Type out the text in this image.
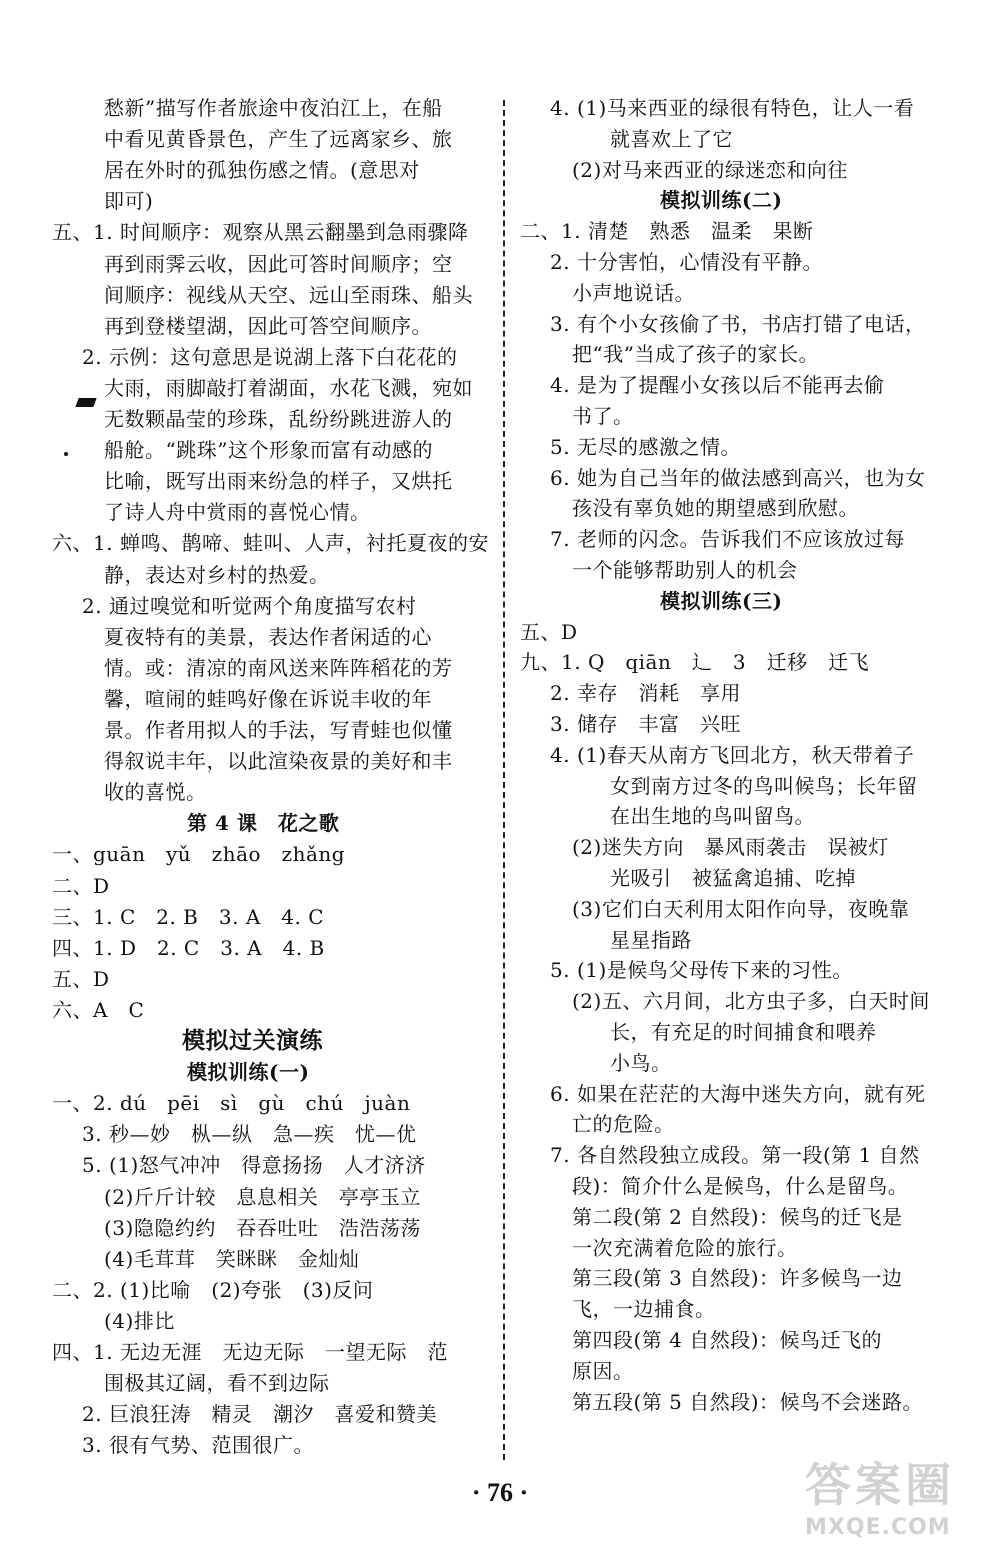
愁新”描写作者旅途中夜泊江上，在船
中看见黄昏景色，产生了远离家乡、旅
居在外时的孤独伤感之情。(意思对
即可)
五、1. 时间顺序：观察从黑云翻墨到急雨骤降
再到雨霁云收，因此可答时间顺序；空
间顺序：视线从天空、远山至雨珠、船头
再到登楼望湖，因此可答空间顺序。
2. 示例：这句意思是说湖上落下白花花的
大雨，雨脚敲打着湖面，水花飞溅，宛如
无数颗晶莹的珍珠，乱纷纷跳进游人的
船舱。“跳珠”这个形象而富有动感的
比喻，既写出雨来纷急的样子，又烘托
了诗人舟中赏雨的喜悦心情。
六、1. 蝉鸣、鹊啼、蛙叫、人声，衬托夏夜的安
静，表达对乡村的热爱。
2. 通过嗅觉和听觉两个角度描写农村
夏夜特有的美景，表达作者闲适的心
情。或：清凉的南风送来阵阵稻花的芳
馨，喧闹的蛙鸣好像在诉说丰收的年
景。作者用拟人的手法，写青蛙也似懂
得叙说丰年，以此渲染夜景的美好和丰
收的喜悦。
第 4 课　花之歌
一、guān　yǔ　zhāo　zhǎng
二、D
三、1. C　2. B　3. A　4. C
四、1. D　2. C　3. A　4. B
五、D
六、A　C
模拟过关演练
模拟训练(一)
一、2. dú　pēi　sì　gù　chú　juàn
3. 秒—妙　枞—纵　急—疾　忧—优
5. (1)怒气冲冲　得意扬扬　人才济济
(2)斤斤计较　息息相关　亭亭玉立
(3)隐隐约约　吞吞吐吐　浩浩荡荡
(4)毛茸茸　笑眯眯　金灿灿
二、2. (1)比喻　(2)夸张　(3)反问
(4)排比
四、1. 无边无涯　无边无际　一望无际　范
围极其辽阔，看不到边际
2. 巨浪狂涛　精灵　潮汐　喜爱和赞美
3. 很有气势、范围很广。
4. (1)马来西亚的绿很有特色，让人一看
就喜欢上了它
(2)对马来西亚的绿迷恋和向往
模拟训练(二)
二、1. 清楚　熟悉　温柔　果断
2. 十分害怕，心情没有平静。
小声地说话。
3. 有个小女孩偷了书，书店打错了电话，
把“我”当成了孩子的家长。
4. 是为了提醒小女孩以后不能再去偷
书了。
5. 无尽的感激之情。
6. 她为自己当年的做法感到高兴，也为女
孩没有辜负她的期望感到欣慰。
7. 老师的闪念。告诉我们不应该放过每
一个能够帮助别人的机会
模拟训练(三)
五、D
九、1. Q　qiān　辶　3　迁移　迁飞
2. 幸存　消耗　享用
3. 储存　丰富　兴旺
4. (1)春天从南方飞回北方，秋天带着子
女到南方过冬的鸟叫候鸟；长年留
在出生地的鸟叫留鸟。
(2)迷失方向　暴风雨袭击　误被灯
光吸引　被猛禽追捕、吃掉
(3)它们白天利用太阳作向导，夜晚靠
星星指路
5. (1)是候鸟父母传下来的习性。
(2)五、六月间，北方虫子多，白天时间
长，有充足的时间捕食和喂养
小鸟。
6. 如果在茫茫的大海中迷失方向，就有死
亡的危险。
7. 各自然段独立成段。第一段(第 1 自然
段)：简介什么是候鸟，什么是留鸟。
第二段(第 2 自然段)：候鸟的迁飞是
一次充满着危险的旅行。
第三段(第 3 自然段)：许多候鸟一边
飞，一边捕食。
第四段(第 4 自然段)：候鸟迁飞的
原因。
第五段(第 5 自然段)：候鸟不会迷路。
· 76 ·	答案圈
MXQE.COM
